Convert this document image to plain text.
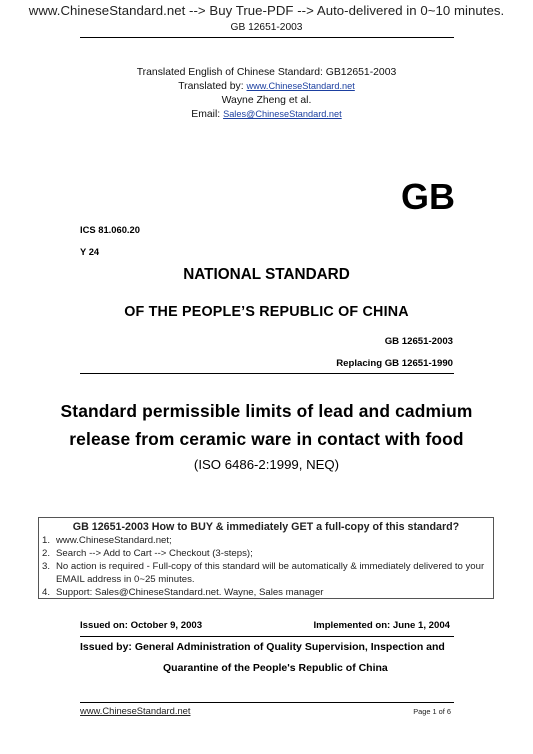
www.ChineseStandard.net --> Buy True-PDF --> Auto-delivered in 0~10 minutes.
GB 12651-2003
Translated English of Chinese Standard: GB12651-2003
Translated by: www.ChineseStandard.net
Wayne Zheng et al.
Email: Sales@ChineseStandard.net
GB
ICS 81.060.20
Y 24
NATIONAL STANDARD
OF THE PEOPLE’S REPUBLIC OF CHINA
GB 12651-2003
Replacing GB 12651-1990
Standard permissible limits of lead and cadmium
release from ceramic ware in contact with food
(ISO 6486-2:1999, NEQ)
GB 12651-2003 How to BUY & immediately GET a full-copy of this standard?
1. www.ChineseStandard.net;
2. Search --> Add to Cart --> Checkout (3-steps);
3. No action is required - Full-copy of this standard will be automatically & immediately delivered to your EMAIL address in 0~25 minutes.
4. Support: Sales@ChineseStandard.net. Wayne, Sales manager
Issued on: October 9, 2003	Implemented on: June 1, 2004
Issued by: General Administration of Quality Supervision, Inspection and
Quarantine of the People's Republic of China
www.ChineseStandard.net	Page 1 of 6
